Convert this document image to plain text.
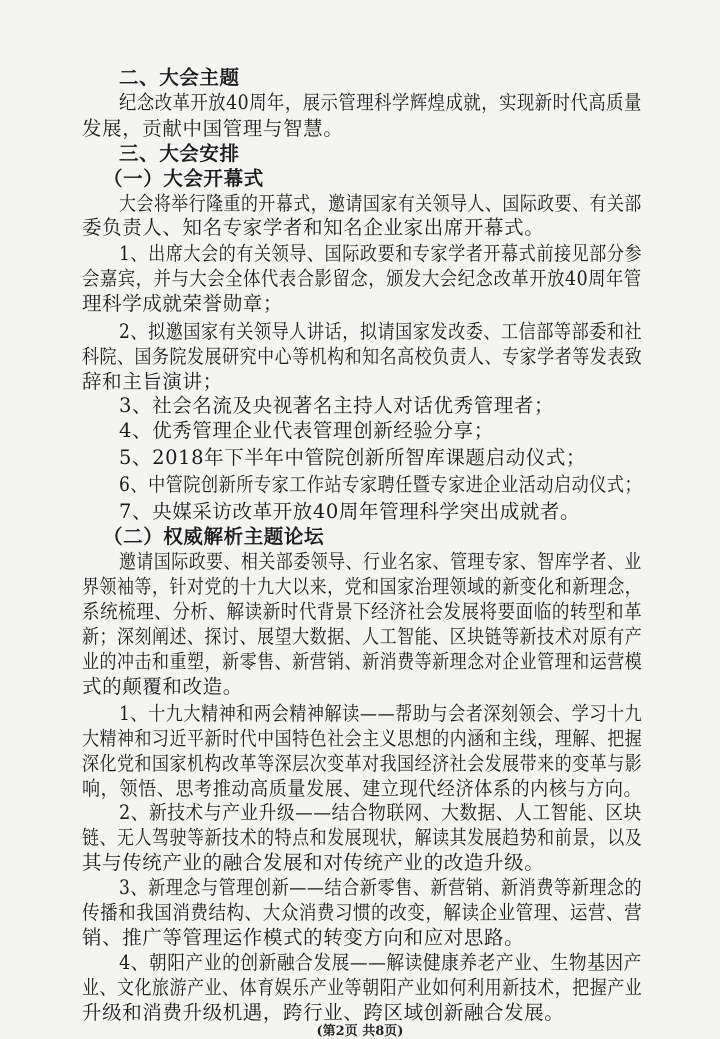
二、大会主题
纪念改革开放40周年，展示管理科学辉煌成就，实现新时代高质量
发展，贡献中国管理与智慧。
三、大会安排
（一）大会开幕式
大会将举行隆重的开幕式，邀请国家有关领导人、国际政要、有关部
委负责人、知名专家学者和知名企业家出席开幕式。
1、出席大会的有关领导、国际政要和专家学者开幕式前接见部分参
会嘉宾，并与大会全体代表合影留念，颁发大会纪念改革开放40周年管
理科学成就荣誉勋章；
2、拟邀国家有关领导人讲话，拟请国家发改委、工信部等部委和社
科院、国务院发展研究中心等机构和知名高校负责人、专家学者等发表致
辞和主旨演讲；
3、社会名流及央视著名主持人对话优秀管理者；
4、优秀管理企业代表管理创新经验分享；
5、2018年下半年中管院创新所智库课题启动仪式；
6、中管院创新所专家工作站专家聘任暨专家进企业活动启动仪式；
7、央媒采访改革开放40周年管理科学突出成就者。
（二）权威解析主题论坛
邀请国际政要、相关部委领导、行业名家、管理专家、智库学者、业
界领袖等，针对党的十九大以来，党和国家治理领域的新变化和新理念，
系统梳理、分析、解读新时代背景下经济社会发展将要面临的转型和革
新；深刻阐述、探讨、展望大数据、人工智能、区块链等新技术对原有产
业的冲击和重塑，新零售、新营销、新消费等新理念对企业管理和运营模
式的颠覆和改造。
1、十九大精神和两会精神解读——帮助与会者深刻领会、学习十九
大精神和习近平新时代中国特色社会主义思想的内涵和主线，理解、把握
深化党和国家机构改革等深层次变革对我国经济社会发展带来的变革与影
响，领悟、思考推动高质量发展、建立现代经济体系的内核与方向。
2、新技术与产业升级——结合物联网、大数据、人工智能、区块
链、无人驾驶等新技术的特点和发展现状，解读其发展趋势和前景，以及
其与传统产业的融合发展和对传统产业的改造升级。
3、新理念与管理创新——结合新零售、新营销、新消费等新理念的
传播和我国消费结构、大众消费习惯的改变，解读企业管理、运营、营
销、推广等管理运作模式的转变方向和应对思路。
4、朝阳产业的创新融合发展——解读健康养老产业、生物基因产
业、文化旅游产业、体育娱乐产业等朝阳产业如何利用新技术，把握产业
升级和消费升级机遇，跨行业、跨区域创新融合发展。
(第2页 共8页)
